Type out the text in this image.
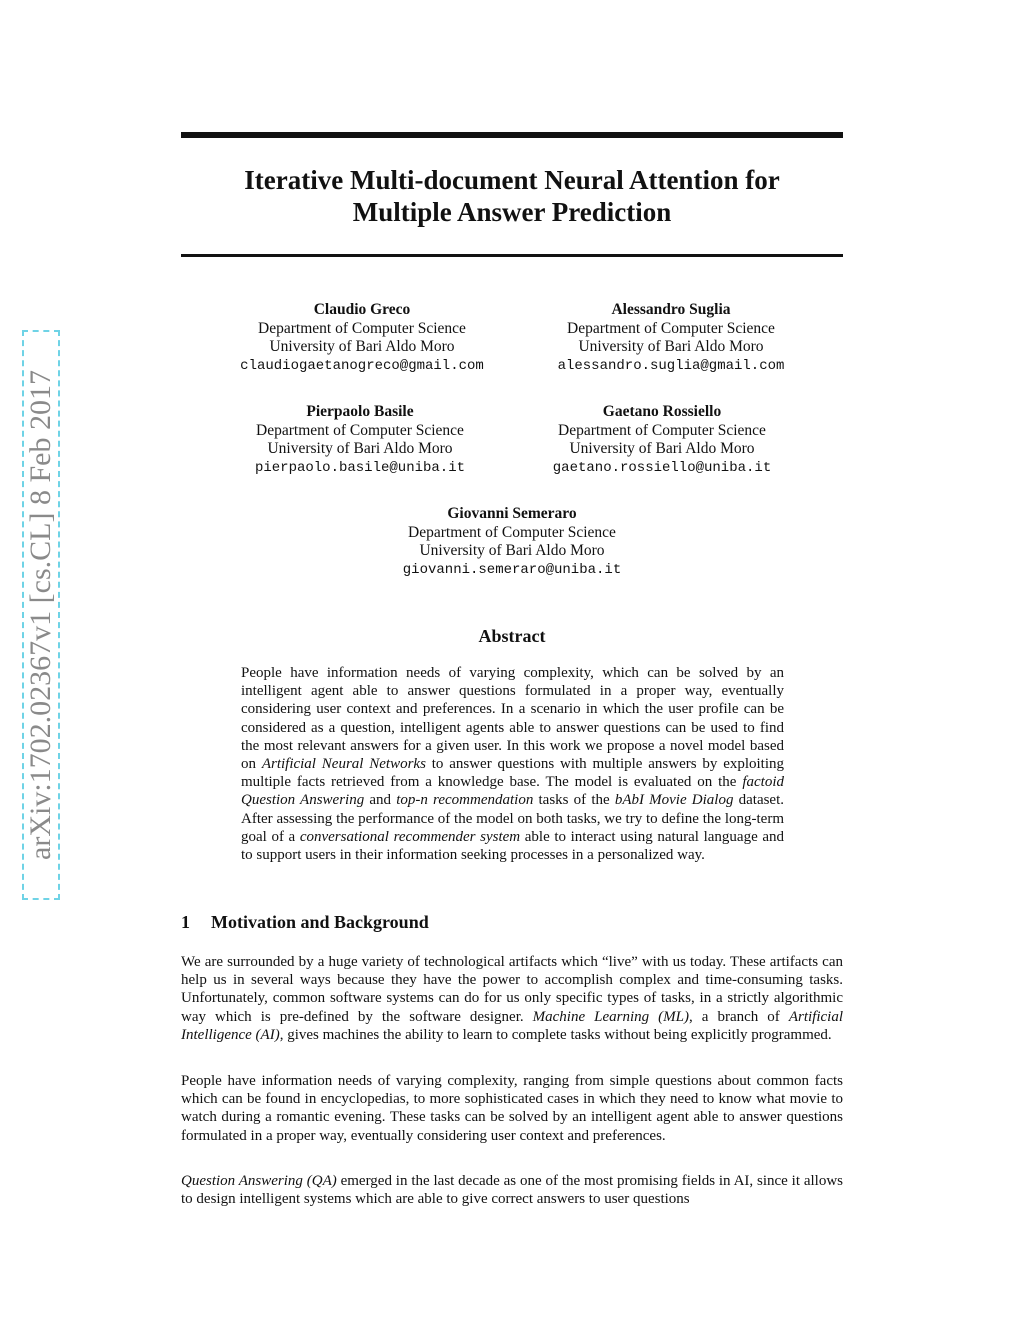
arXiv:1702.02367v1 [cs.CL] 8 Feb 2017
Iterative Multi-document Neural Attention for
Multiple Answer Prediction
Claudio Greco
Department of Computer Science
University of Bari Aldo Moro
claudiogaetanogreco@gmail.com
Alessandro Suglia
Department of Computer Science
University of Bari Aldo Moro
alessandro.suglia@gmail.com
Pierpaolo Basile
Department of Computer Science
University of Bari Aldo Moro
pierpaolo.basile@uniba.it
Gaetano Rossiello
Department of Computer Science
University of Bari Aldo Moro
gaetano.rossiello@uniba.it
Giovanni Semeraro
Department of Computer Science
University of Bari Aldo Moro
giovanni.semeraro@uniba.it
Abstract
People have information needs of varying complexity, which can be solved by an intelligent agent able to answer questions formulated in a proper way, eventually considering user context and preferences. In a scenario in which the user profile can be considered as a question, intelligent agents able to answer questions can be used to find the most relevant answers for a given user. In this work we propose a novel model based on Artificial Neural Networks to answer questions with multiple answers by exploiting multiple facts retrieved from a knowledge base. The model is evaluated on the factoid Question Answering and top-n recommendation tasks of the bAbI Movie Dialog dataset. After assessing the performance of the model on both tasks, we try to define the long-term goal of a conversational recommender system able to interact using natural language and to support users in their information seeking processes in a personalized way.
1 Motivation and Background
We are surrounded by a huge variety of technological artifacts which “live” with us today. These artifacts can help us in several ways because they have the power to accomplish complex and time-consuming tasks. Unfortunately, common software systems can do for us only specific types of tasks, in a strictly algorithmic way which is pre-defined by the software designer. Machine Learning (ML), a branch of Artificial Intelligence (AI), gives machines the ability to learn to complete tasks without being explicitly programmed.
People have information needs of varying complexity, ranging from simple questions about common facts which can be found in encyclopedias, to more sophisticated cases in which they need to know what movie to watch during a romantic evening. These tasks can be solved by an intelligent agent able to answer questions formulated in a proper way, eventually considering user context and preferences.
Question Answering (QA) emerged in the last decade as one of the most promising fields in AI, since it allows to design intelligent systems which are able to give correct answers to user questions
